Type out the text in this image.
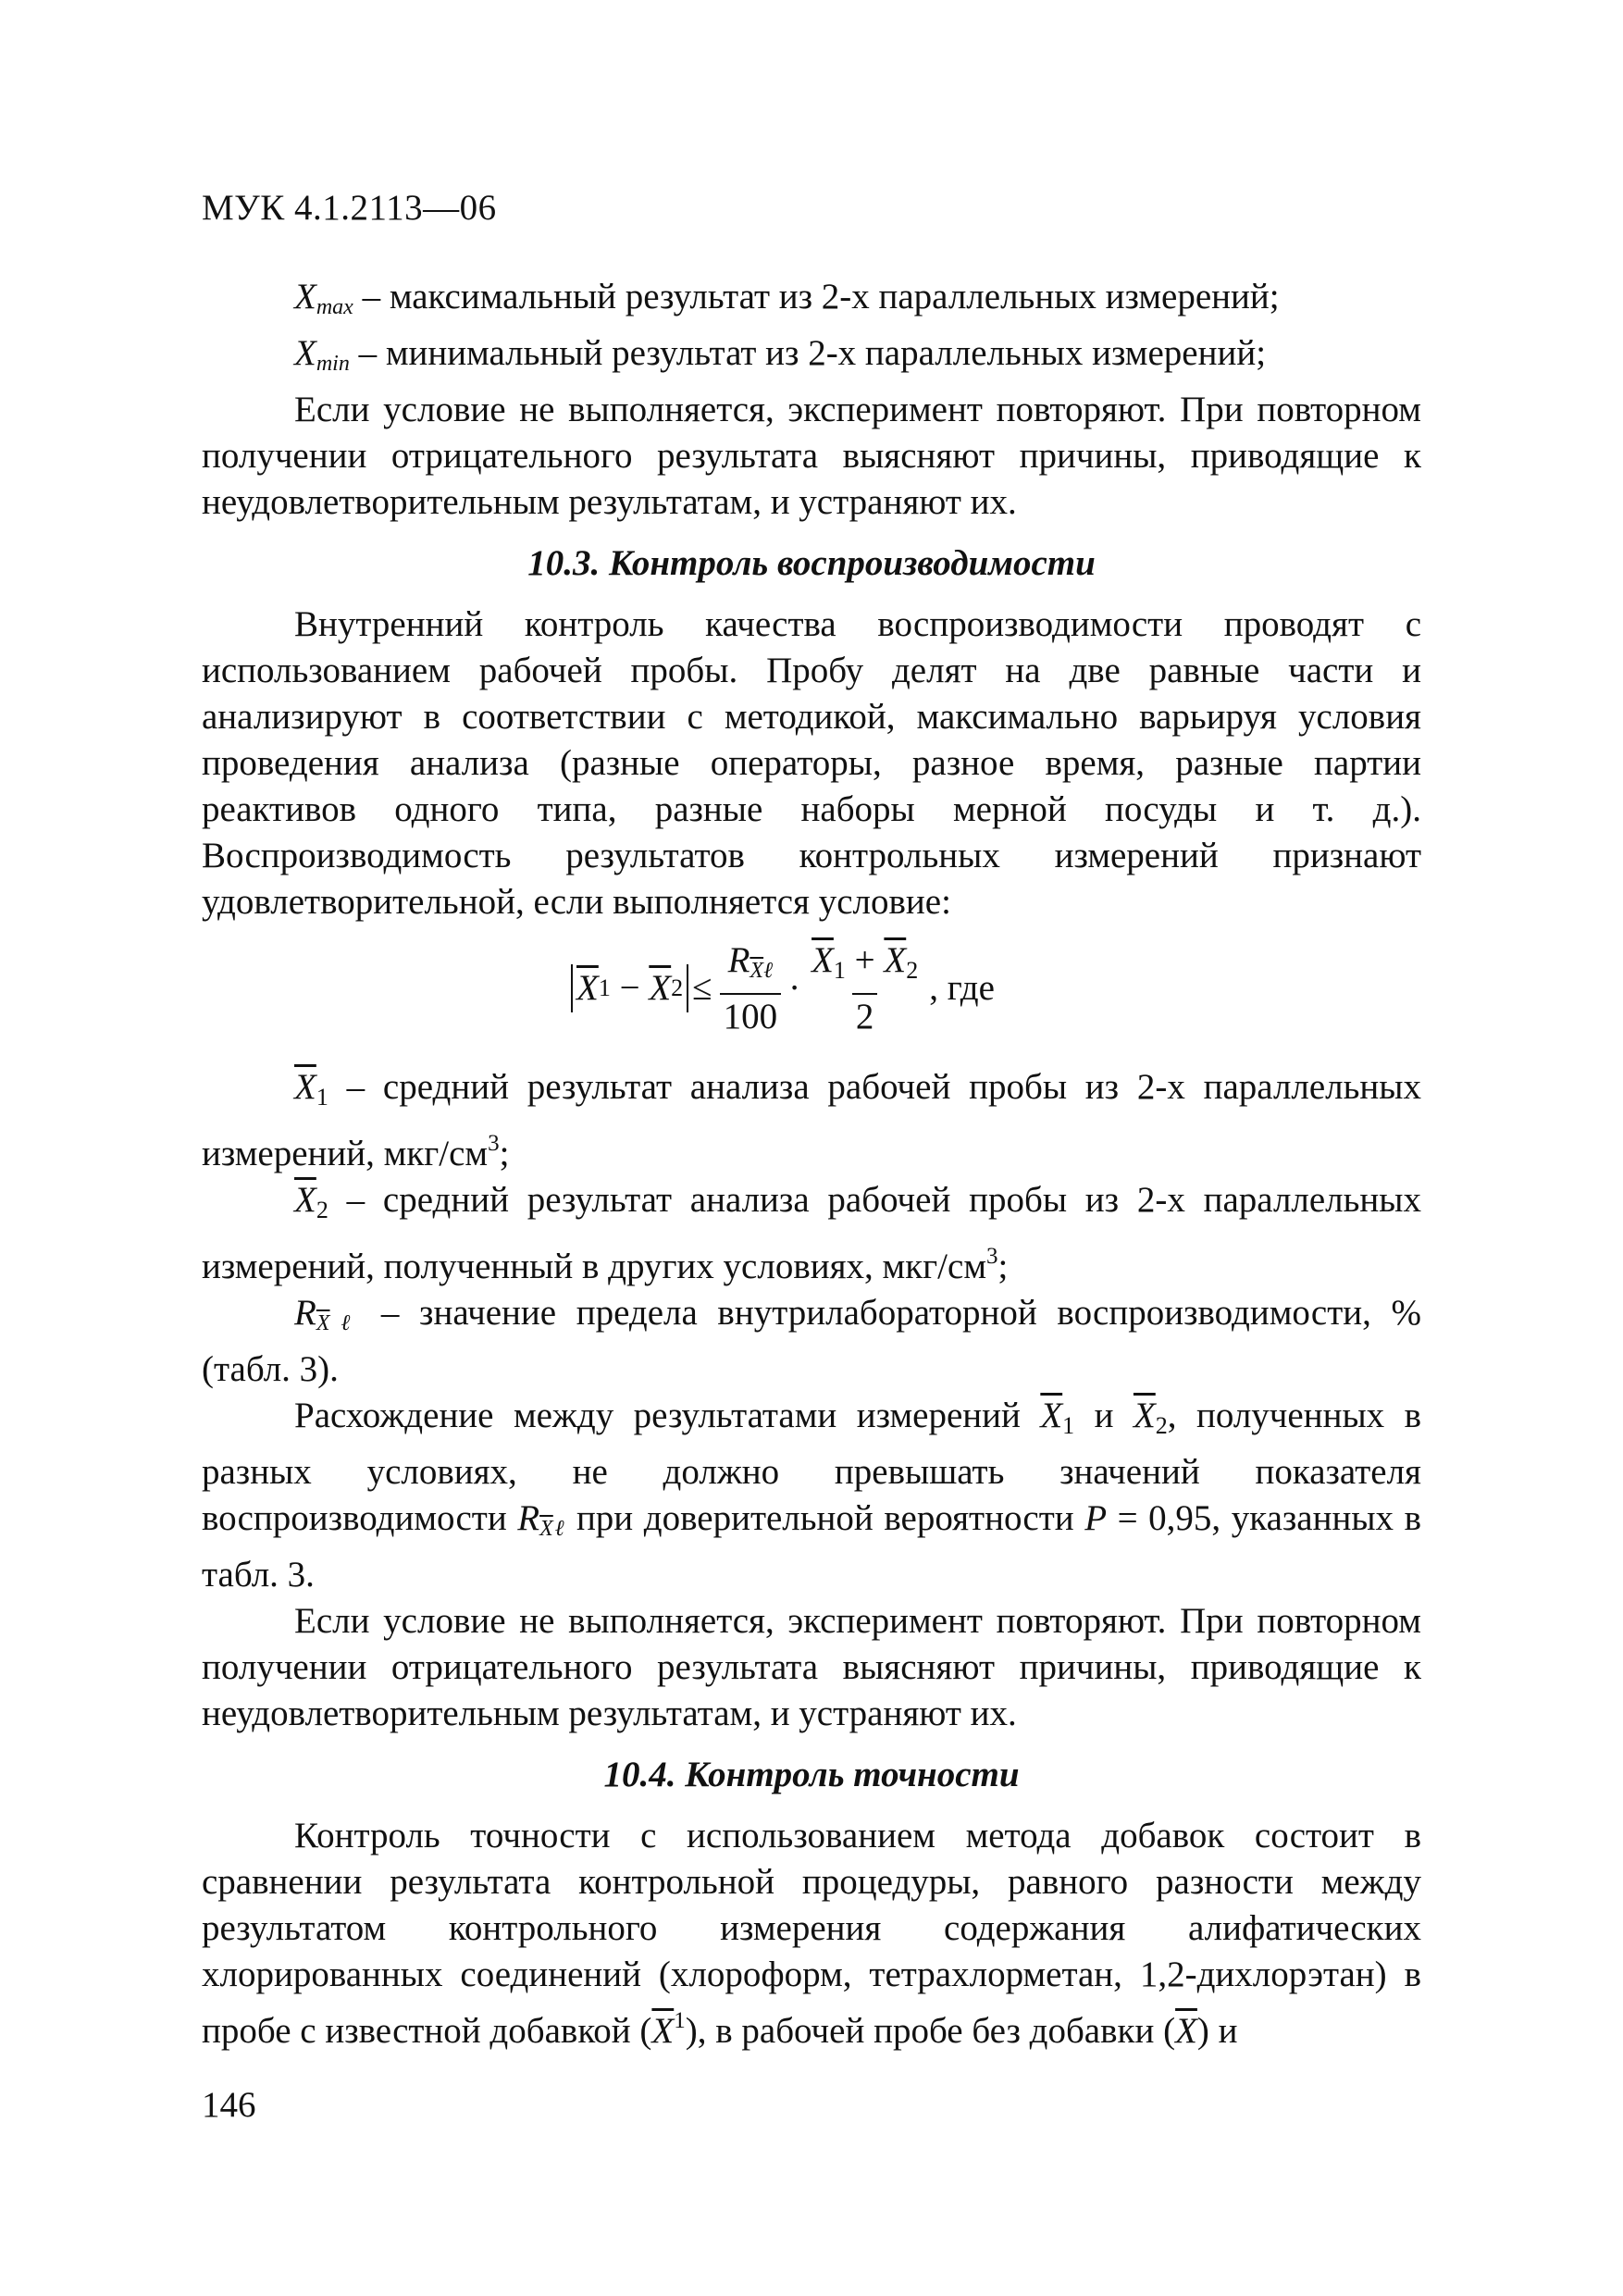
МУК 4.1.2113—06

$X_{max}$ – максимальный результат из 2-х параллельных измерений;

$X_{min}$ – минимальный результат из 2-х параллельных измерений;

Если условие не выполняется, эксперимент повторяют. При повторном получении отрицательного результата выясняют причины, приводящие к неудовлетворительным результатам, и устраняют их.

10.3. Контроль воспроизводимости

Внутренний контроль качества воспроизводимости проводят с использованием рабочей пробы. Пробу делят на две равные части и анализируют в соответствии с методикой, максимально варьируя условия проведения анализа (разные операторы, разное время, разные партии реактивов одного типа, разные наборы мерной посуды и т. д.). Воспроизводимость результатов контрольных измерений признают удовлетворительной, если выполняется условие:

$\overline{X}$ 1
−
$\overline{X}$ $2 \le \frac{R_{\overline{X}\ell}}{100} \cdot \frac{\overline{X}1 + \overline{X}2}{2}$ , где

$\overline{X}1$ – средний результат анализа рабочей пробы из 2-х параллельных измерений, мкг/$см^3$;

$\overline{X}2$ – средний результат анализа рабочей пробы из 2-х параллельных измерений, полученный в других условиях, мкг/$см^3$;

$R_{\overline{X}\ell}$ – значение предела внутрилабораторной воспроизводимости, % (табл. 3).

Расхождение между результатами измерений $\overline{X}1$ и $\overline{X}2$, полученных в разных условиях, не должно превышать значений показателя воспроизводимости $R_{\overline{X}\ell}$ при доверительной вероятности P = 0,95, указанных в табл. 3.

Если условие не выполняется, эксперимент повторяют. При повторном получении отрицательного результата выясняют причины, приводящие к неудовлетворительным результатам, и устраняют их.

10.4. Контроль точности

Контроль точности с использованием метода добавок состоит в сравнении результата контрольной процедуры, равного разности между результатом контрольного измерения содержания алифатических хлорированных соединений (хлороформ, тетрахлорметан, 1,2-дихлорэтан) в пробе с известной добавкой $(\overline{X}^1)$, в рабочей пробе без добавки $(\overline{X})$ и

146
